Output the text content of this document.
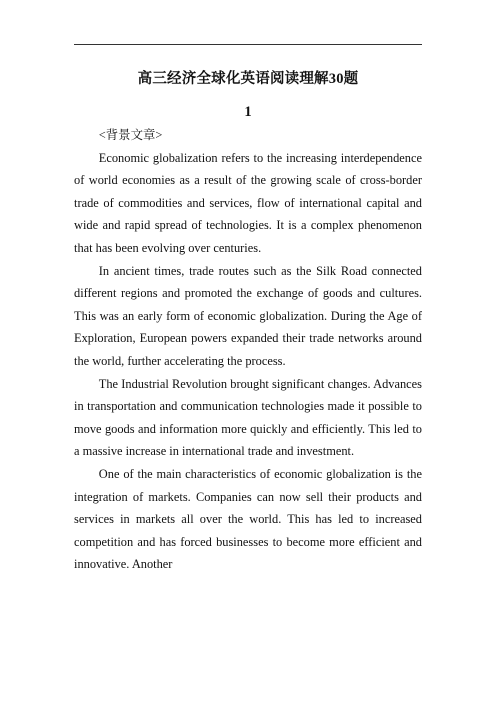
高三经济全球化英语阅读理解30题
1

<背景文章>

Economic globalization refers to the increasing interdependence of world economies as a result of the growing scale of cross-border trade of commodities and services, flow of international capital and wide and rapid spread of technologies. It is a complex phenomenon that has been evolving over centuries.

In ancient times, trade routes such as the Silk Road connected different regions and promoted the exchange of goods and cultures. This was an early form of economic globalization. During the Age of Exploration, European powers expanded their trade networks around the world, further accelerating the process.

The Industrial Revolution brought significant changes. Advances in transportation and communication technologies made it possible to move goods and information more quickly and efficiently. This led to a massive increase in international trade and investment.

One of the main characteristics of economic globalization is the integration of markets. Companies can now sell their products and services in markets all over the world. This has led to increased competition and has forced businesses to become more efficient and innovative. Another
